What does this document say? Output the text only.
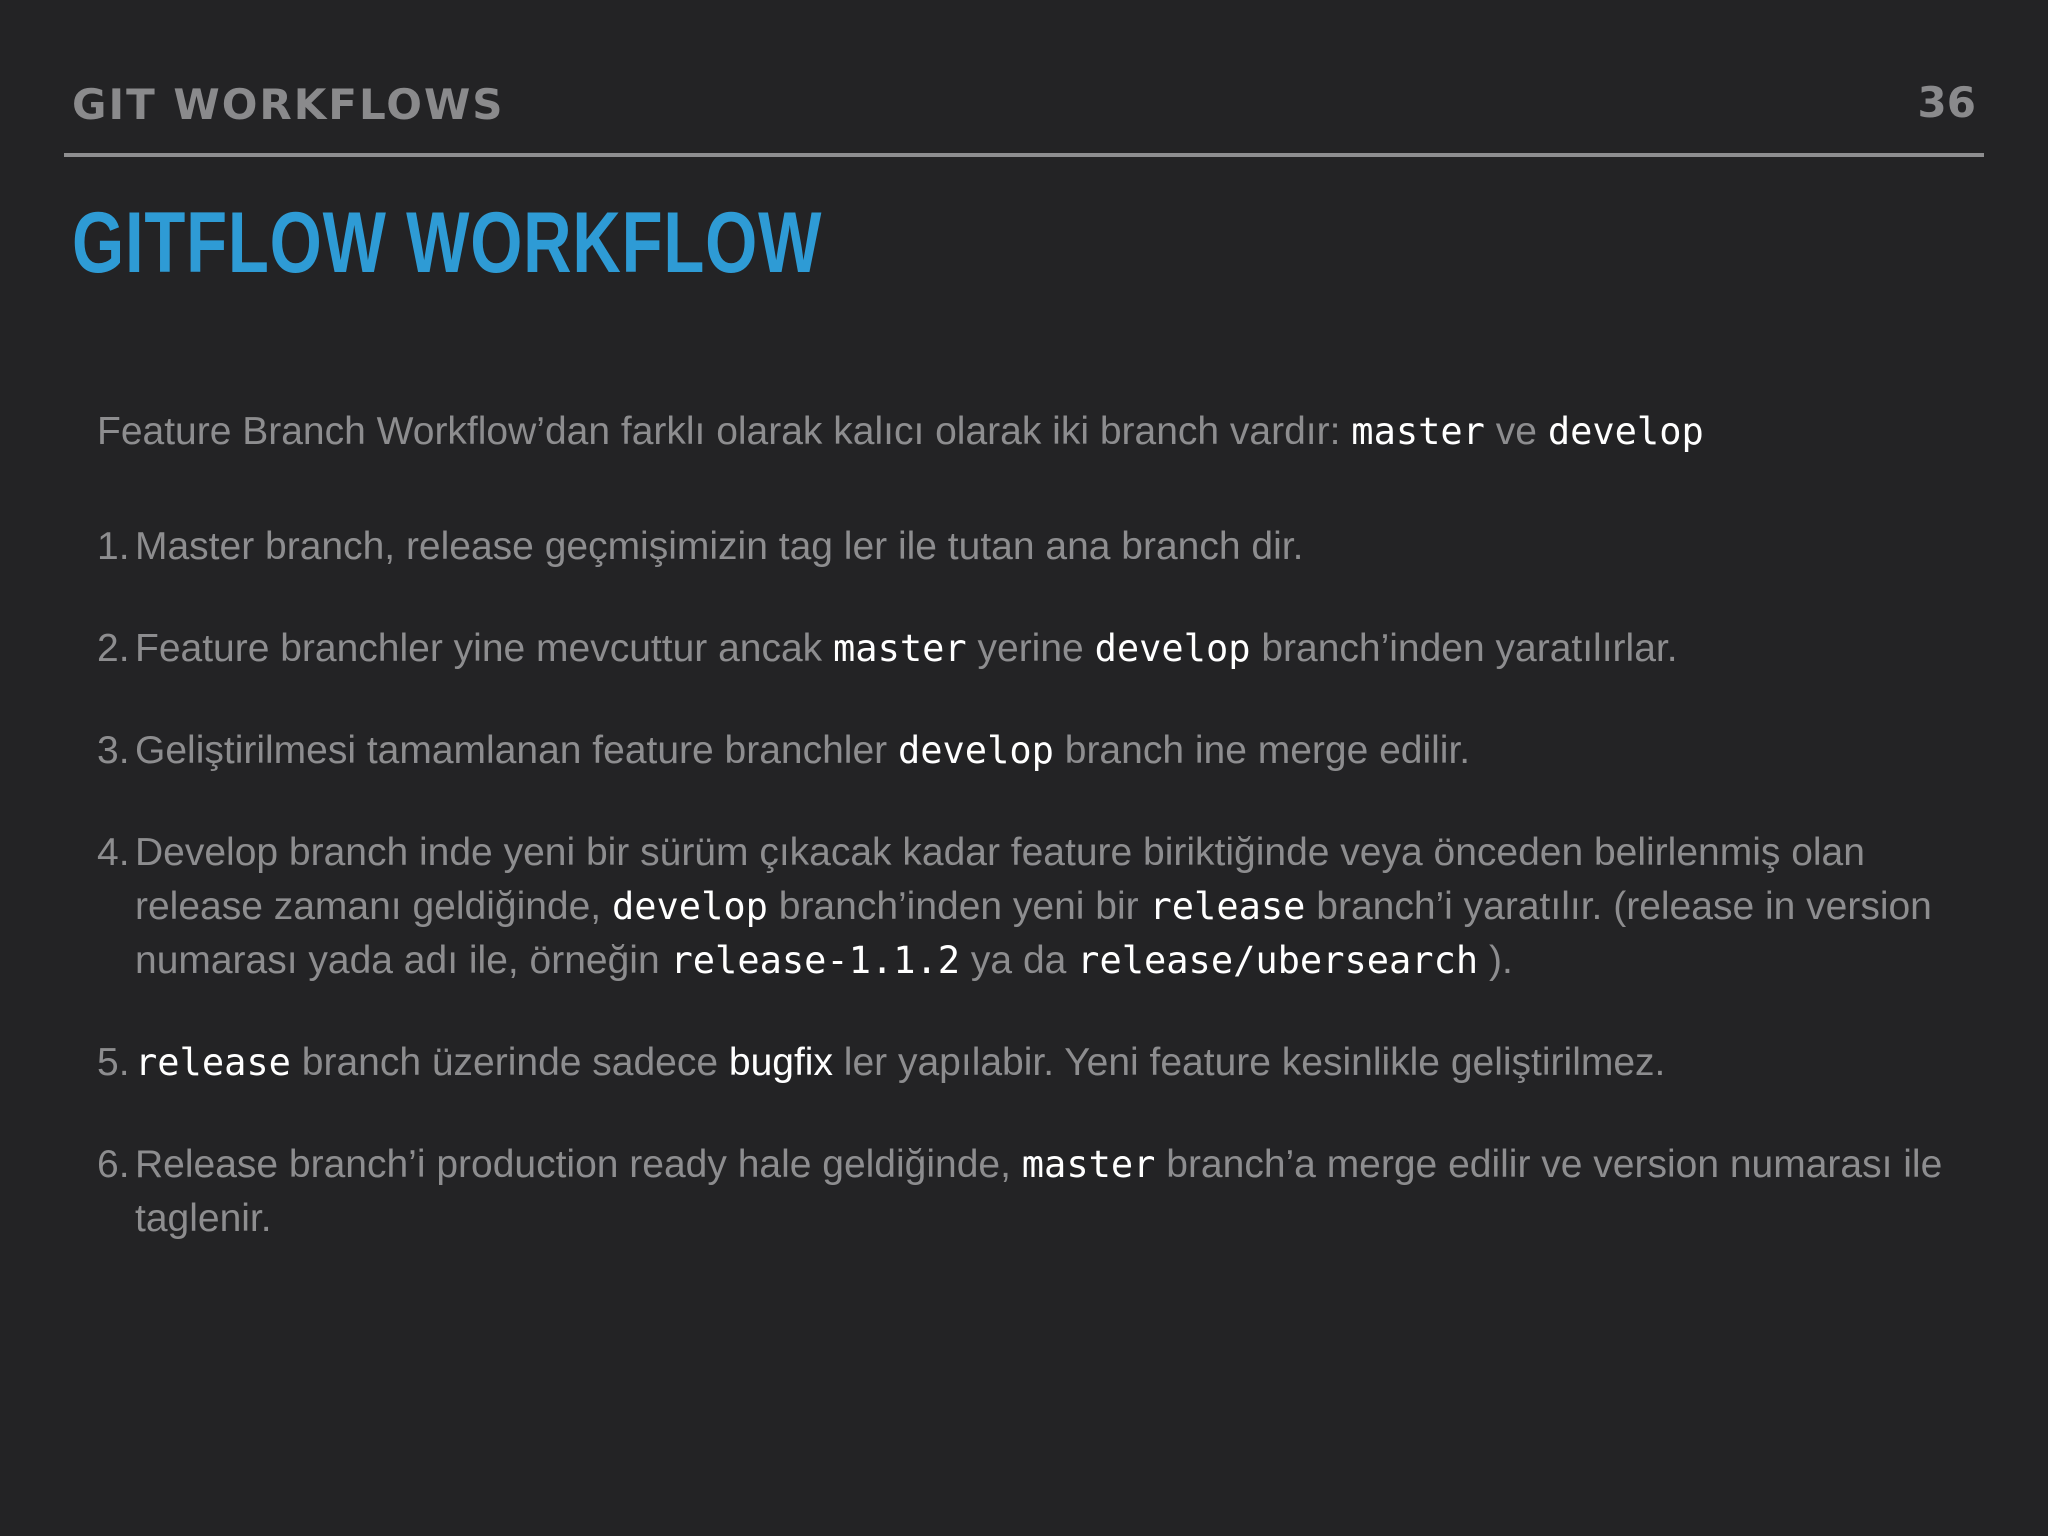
GIT WORKFLOWS	36
GITFLOW WORKFLOW
Feature Branch Workflow’dan farklı olarak kalıcı olarak iki branch vardır: master ve develop
1. Master branch, release geçmişimizin tag ler ile tutan ana branch dir.
2. Feature branchler yine mevcuttur ancak master yerine develop branch’inden yaratılırlar.
3. Geliştirilmesi tamamlanan feature branchler develop branch ine merge edilir.
4. Develop branch inde yeni bir sürüm çıkacak kadar feature biriktiğinde veya önceden belirlenmiş olan release zamanı geldiğinde, develop branch’inden yeni bir release branch’i yaratılır. (release in version numarası yada adı ile, örneğin release-1.1.2 ya da release/ubersearch ).
5. release branch üzerinde sadece bugfix ler yapılabir. Yeni feature kesinlikle geliştirilmez.
6. Release branch’i production ready hale geldiğinde, master branch’a merge edilir ve version numarası ile taglenir.
